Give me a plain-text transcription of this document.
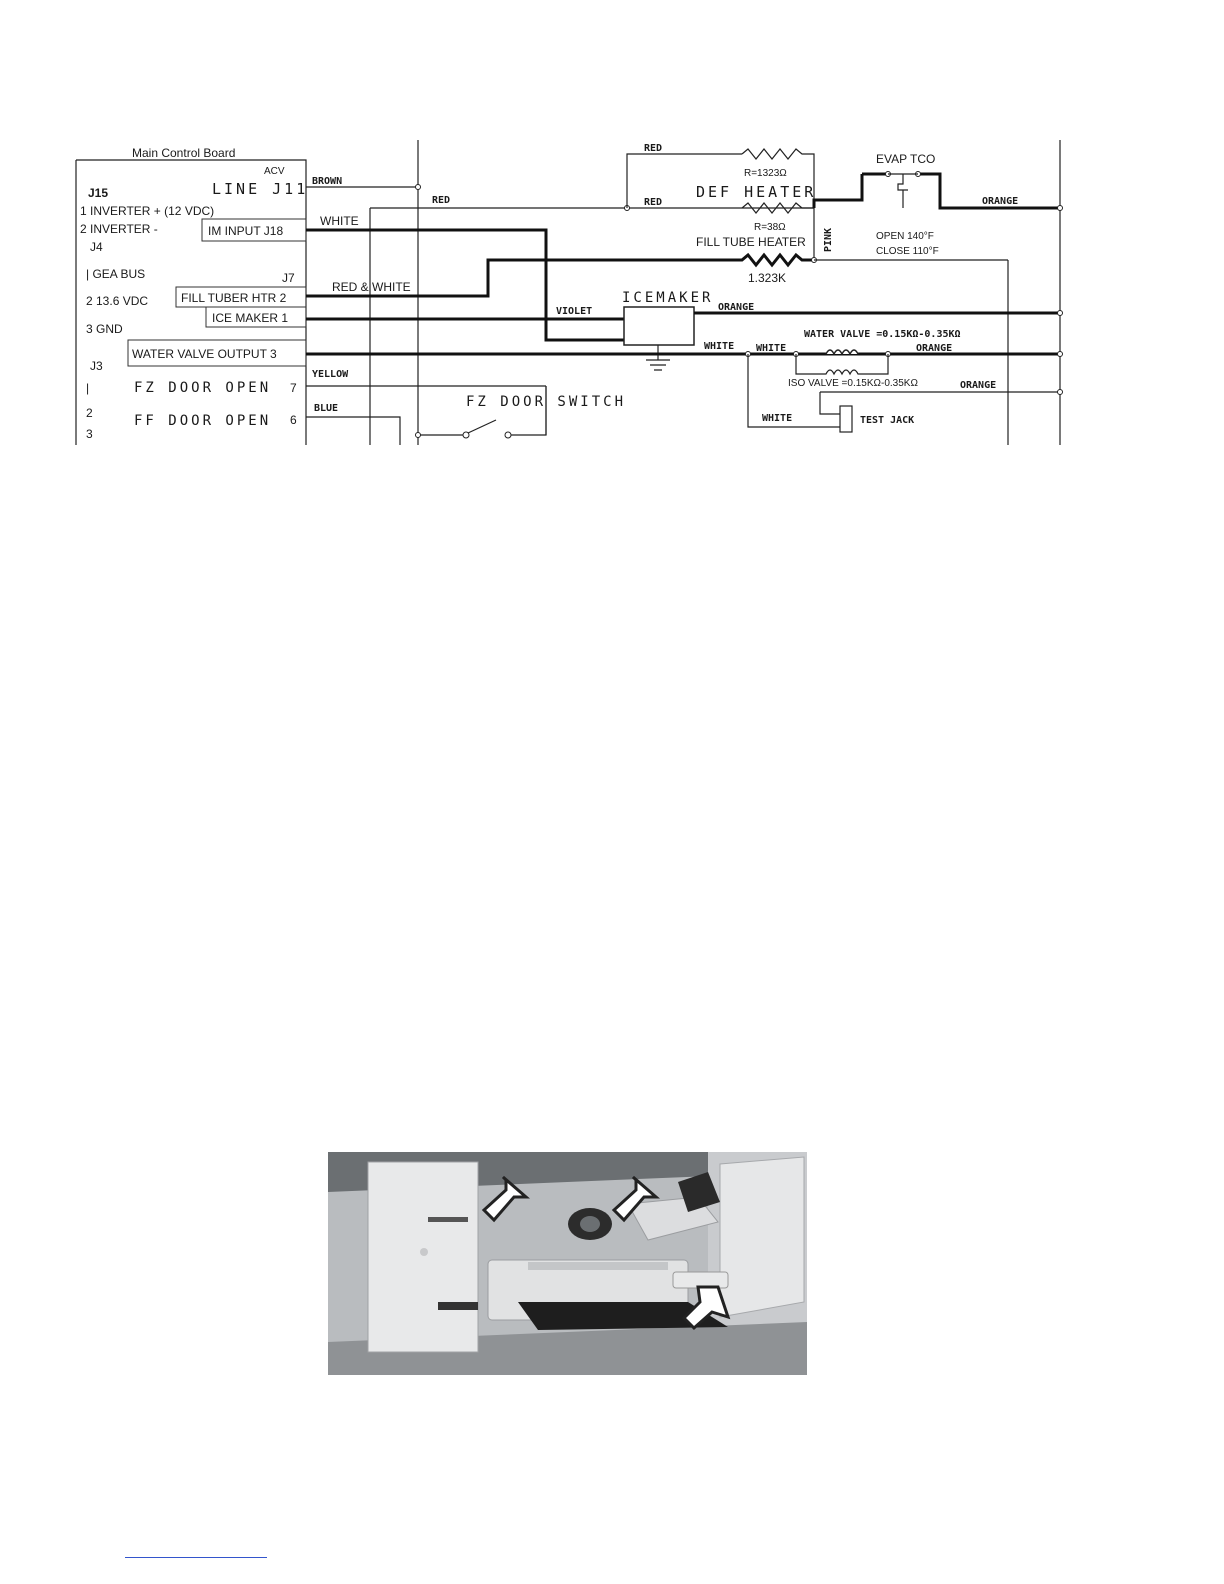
Main Control Board
ACV
J15	LINE J11
1 INVERTER + (12 VDC)
2 INVERTER -
J4
IM INPUT J18
| GEA BUS
2 13.6 VDC
3 GND
J7
FILL TUBER HTR 2
ICE MAKER 1
J3
WATER VALVE OUTPUT 3
|
2
3
FZ DOOR OPEN 7
FF DOOR OPEN 6
BROWN
RED
RED
RED
R=1323Ω
DEF HEATER
R=38Ω
FILL TUBE HEATER
1.323K
RED & WHITE
PINK
EVAP TCO
OPEN 140°F
CLOSE 110°F
ORANGE
WHITE
VIOLET
ICEMAKER
ORANGE
WHITE WHITE
WATER VALVE =0.15KΩ-0.35KΩ
ORANGE
ISO VALVE =0.15KΩ-0.35KΩ	ORANGE
WHITE	TEST JACK
YELLOW
BLUE	FZ DOOR SWITCH
